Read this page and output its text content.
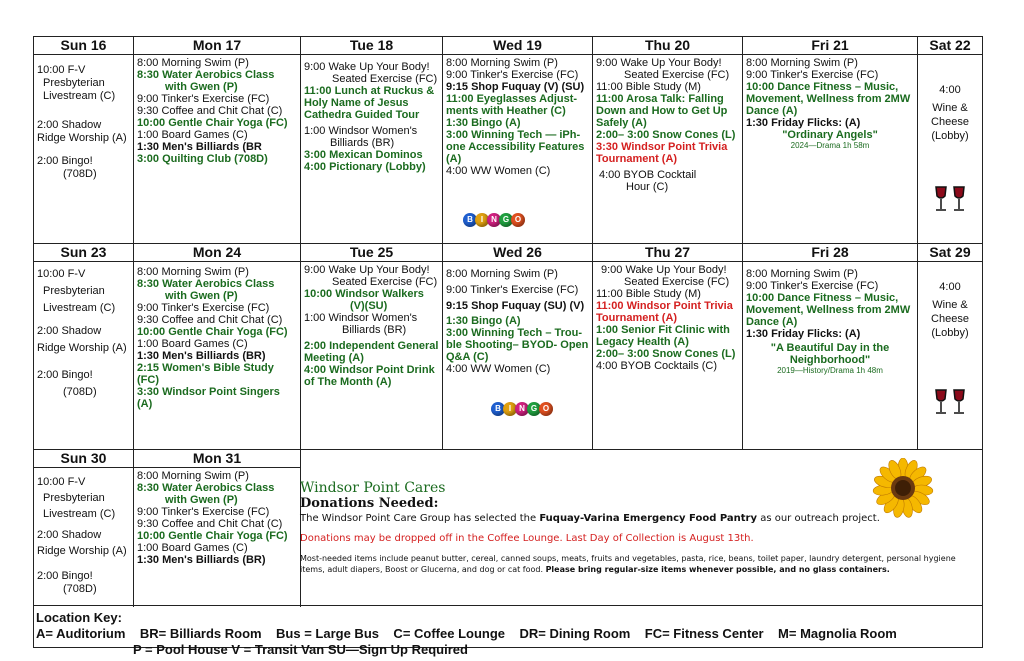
Sun 16
10:00 F-V
Presbyterian
Livestream (C)
2:00 Shadow
Ridge Worship (A)
2:00 Bingo!
(708D)
Mon 17
8:00 Morning Swim (P)
8:30 Water Aerobics Class
with Gwen (P)
9:00 Tinker's Exercise (FC)
9:30 Coffee and Chit Chat (C)
10:00 Gentle Chair Yoga (FC)
1:00 Board Games (C)
1:30 Men's Billiards (BR
3:00 Quilting Club (708D)
Tue 18
9:00 Wake Up Your Body!
Seated Exercise (FC)
11:00 Lunch at Ruckus &
Holy Name of Jesus
Cathedra Guided Tour
1:00 Windsor Women's
Billiards (BR)
3:00 Mexican Dominos
4:00 Pictionary (Lobby)
Wed 19
8:00 Morning Swim (P)
9:00 Tinker's Exercise (FC)
9:15 Shop Fuquay (V) (SU)
11:00 Eyeglasses Adjust-
ments with Heather (C)
1:30 Bingo (A)
3:00 Winning Tech — iPh-
one Accessibility Features
(A)
4:00 WW Women (C)
B I	N G O
Thu 20
9:00 Wake Up Your Body!
Seated Exercise (FC)
11:00 Bible Study (M)
11:00 Arosa Talk: Falling
Down and How to Get Up
Safely (A)
2:00– 3:00 Snow Cones (L)
3:30 Windsor Point Trivia
Tournament (A)
4:00 BYOB Cocktail
Hour (C)
Fri 21
8:00 Morning Swim (P)
9:00 Tinker's Exercise (FC)
10:00 Dance Fitness – Music,
Movement, Wellness from 2MW
Dance (A)
1:30 Friday Flicks: (A)
"Ordinary Angels"
2024—Drama 1h 58m
Sat 22
4:00
Wine &
Cheese
(Lobby)
Sun 23
10:00 F-V
Presbyterian
Livestream (C)
2:00 Shadow
Ridge Worship (A)
2:00 Bingo!
(708D)
Mon 24
8:00 Morning Swim (P)
8:30 Water Aerobics Class
with Gwen (P)
9:00 Tinker's Exercise (FC)
9:30 Coffee and Chit Chat (C)
10:00 Gentle Chair Yoga (FC)
1:00 Board Games (C)
1:30 Men's Billiards (BR)
2:15 Women's Bible Study (FC)
3:30 Windsor Point Singers (A)
Tue 25
9:00 Wake Up Your Body!
Seated Exercise (FC)
10:00 Windsor Walkers
(V)(SU)
1:00 Windsor Women's
Billiards (BR)
2:00 Independent General
Meeting (A)
4:00 Windsor Point Drink
of The Month (A)
Wed 26
8:00 Morning Swim (P)
9:00 Tinker's Exercise (FC)
9:15 Shop Fuquay (SU) (V)
1:30 Bingo (A)
3:00 Winning Tech – Trou-
ble Shooting– BYOD- Open
Q&A (C)
4:00 WW Women (C)
B I	N G O
Thu 27
9:00 Wake Up Your Body!
Seated Exercise (FC)
11:00 Bible Study (M)
11:00 Windsor Point Trivia
Tournament (A)
1:00 Senior Fit Clinic with
Legacy Health (A)
2:00– 3:00 Snow Cones (L)
4:00 BYOB Cocktails (C)
Fri 28
8:00 Morning Swim (P)
9:00 Tinker's Exercise (FC)
10:00 Dance Fitness – Music,
Movement, Wellness from 2MW
Dance (A)
1:30 Friday Flicks: (A)
"A Beautiful Day in the
Neighborhood"
2019—History/Drama 1h 48m
Sat 29
4:00
Wine &
Cheese
(Lobby)
Sun 30
10:00 F-V
Presbyterian
Livestream (C)
2:00 Shadow
Ridge Worship (A)
2:00 Bingo!
(708D)
Mon 31
8:00 Morning Swim (P)
8:30 Water Aerobics Class
with Gwen (P)
9:00 Tinker's Exercise (FC)
9:30 Coffee and Chit Chat (C)
10:00 Gentle Chair Yoga (FC)
1:00 Board Games (C)
1:30 Men's Billiards (BR)
Location Key:A= Auditorium    BR= Billiards Room    Bus = Large Bus    C= Coffee Lounge    DR= Dining Room    FC= Fitness Center    M= Magnolia Room
P = Pool House V = Transit Van SU—Sign Up Required
Windsor Point Cares
Donations Needed:
The Windsor Point Care Group has selected the Fuquay-Varina Emergency Food Pantry as our outreach project.
Donations may be dropped off in the Coffee Lounge. Last Day of Collection is August 13th.
Most-needed items include peanut butter, cereal, canned soups, meats, fruits and vegetables, pasta, rice, beans, toilet paper, laundry detergent, personal hygiene items, adult diapers, Boost or Glucerna, and dog or cat food. Please bring regular-size items whenever possible, and no glass containers.
